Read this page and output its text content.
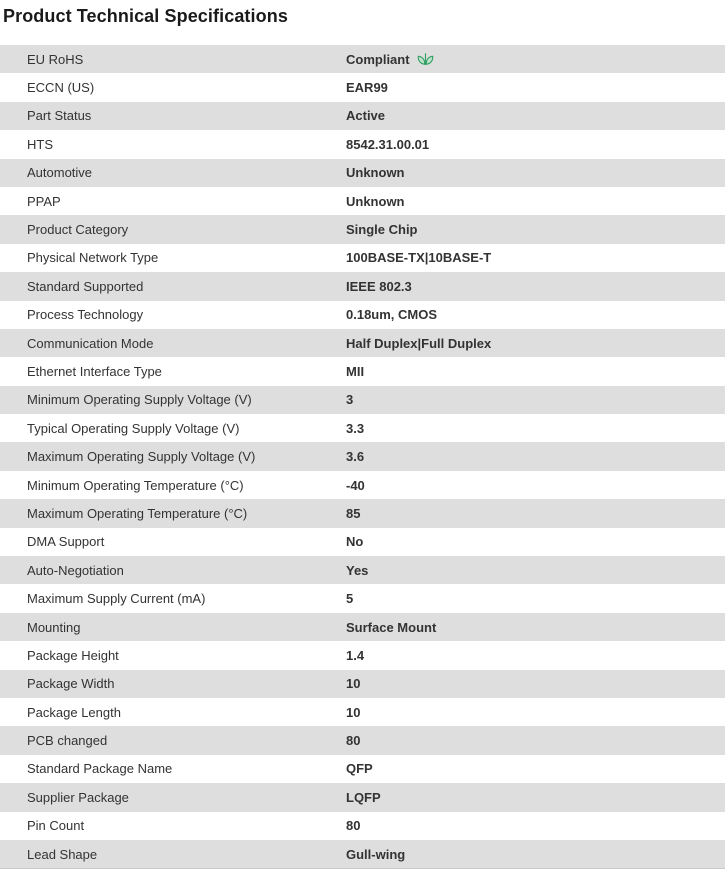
Product Technical Specifications
EU RoHS	Compliant
ECCN (US)	EAR99
Part Status	Active
HTS	8542.31.00.01
Automotive	Unknown
PPAP	Unknown
Product Category	Single Chip
Physical Network Type	100BASE-TX|10BASE-T
Standard Supported	IEEE 802.3
Process Technology	0.18um, CMOS
Communication Mode	Half Duplex|Full Duplex
Ethernet Interface Type	MII
Minimum Operating Supply Voltage (V)	3
Typical Operating Supply Voltage (V)	3.3
Maximum Operating Supply Voltage (V)	3.6
Minimum Operating Temperature (°C)	-40
Maximum Operating Temperature (°C)	85
DMA Support	No
Auto-Negotiation	Yes
Maximum Supply Current (mA)	5
Mounting	Surface Mount
Package Height	1.4
Package Width	10
Package Length	10
PCB changed	80
Standard Package Name	QFP
Supplier Package	LQFP
Pin Count	80
Lead Shape	Gull-wing
